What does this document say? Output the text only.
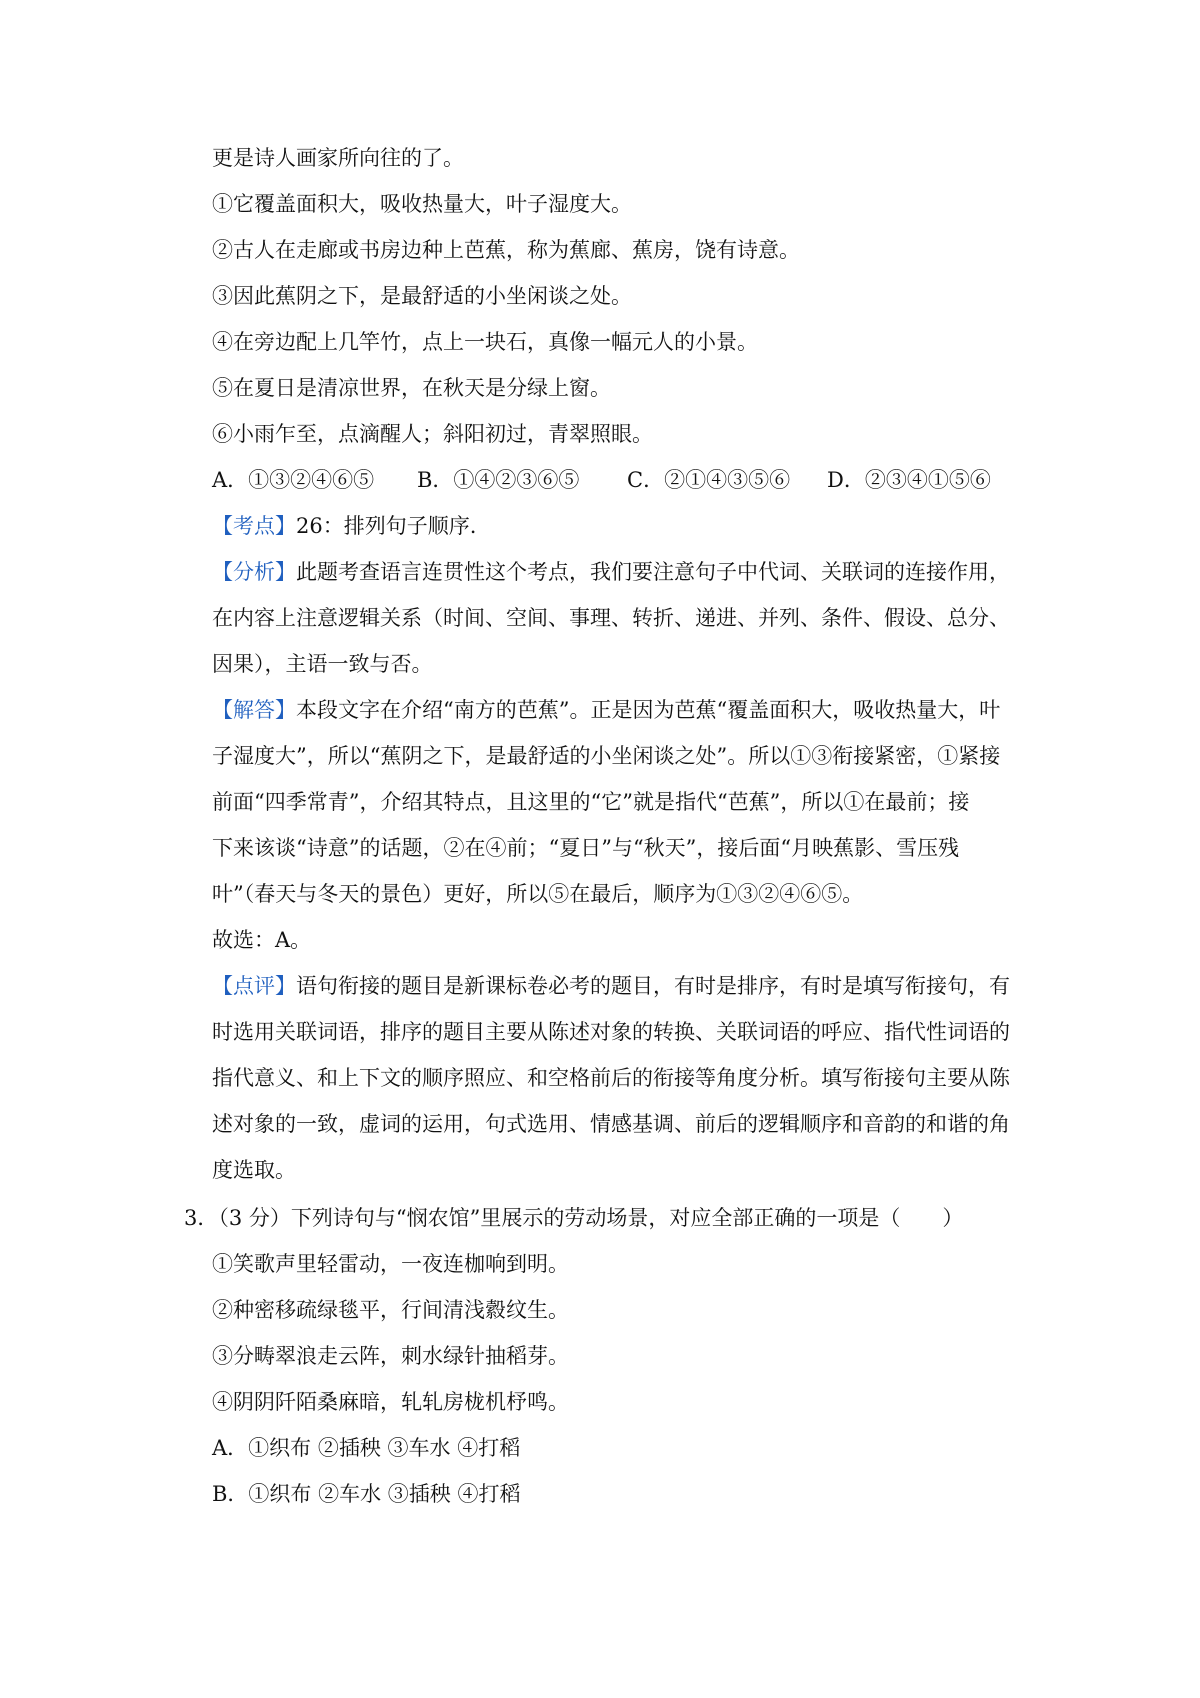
更是诗人画家所向往的了。
①它覆盖面积大，吸收热量大，叶子湿度大。
②古人在走廊或书房边种上芭蕉，称为蕉廊、蕉房，饶有诗意。
③因此蕉阴之下，是最舒适的小坐闲谈之处。
④在旁边配上几竿竹，点上一块石，真像一幅元人的小景。
⑤在夏日是清凉世界，在秋天是分绿上窗。
⑥小雨乍至，点滴醒人；斜阳初过，青翠照眼。
A．①③②④⑥⑤ B．①④②③⑥⑤ C．②①④③⑤⑥ D．②③④①⑤⑥
【考点】26：排列句子顺序.
【分析】此题考查语言连贯性这个考点，我们要注意句子中代词、关联词的连接作用，
在内容上注意逻辑关系（时间、空间、事理、转折、递进、并列、条件、假设、总分、
因果），主语一致与否。
【解答】本段文字在介绍“南方的芭蕉”。正是因为芭蕉“覆盖面积大，吸收热量大，叶
子湿度大”，所以“蕉阴之下，是最舒适的小坐闲谈之处”。所以①③衔接紧密，①紧接
前面“四季常青”，介绍其特点，且这里的“它”就是指代“芭蕉”，所以①在最前；接
下来该谈“诗意”的话题，②在④前；“夏日”与“秋天”，接后面“月映蕉影、雪压残
叶”（春天与冬天的景色）更好，所以⑤在最后，顺序为①③②④⑥⑤。
故选：A。
【点评】语句衔接的题目是新课标卷必考的题目，有时是排序，有时是填写衔接句，有
时选用关联词语，排序的题目主要从陈述对象的转换、关联词语的呼应、指代性词语的
指代意义、和上下文的顺序照应、和空格前后的衔接等角度分析。填写衔接句主要从陈
述对象的一致，虚词的运用，句式选用、情感基调、前后的逻辑顺序和音韵的和谐的角
度选取。
3．（3 分）下列诗句与“悯农馆”里展示的劳动场景，对应全部正确的一项是（　　）
①笑歌声里轻雷动，一夜连枷响到明。
②种密移疏绿毯平，行间清浅縠纹生。
③分畴翠浪走云阵，刺水绿针抽稻芽。
④阴阴阡陌桑麻暗，轧轧房栊机杼鸣。
A．①织布 ②插秧 ③车水 ④打稻
B．①织布 ②车水 ③插秧 ④打稻
